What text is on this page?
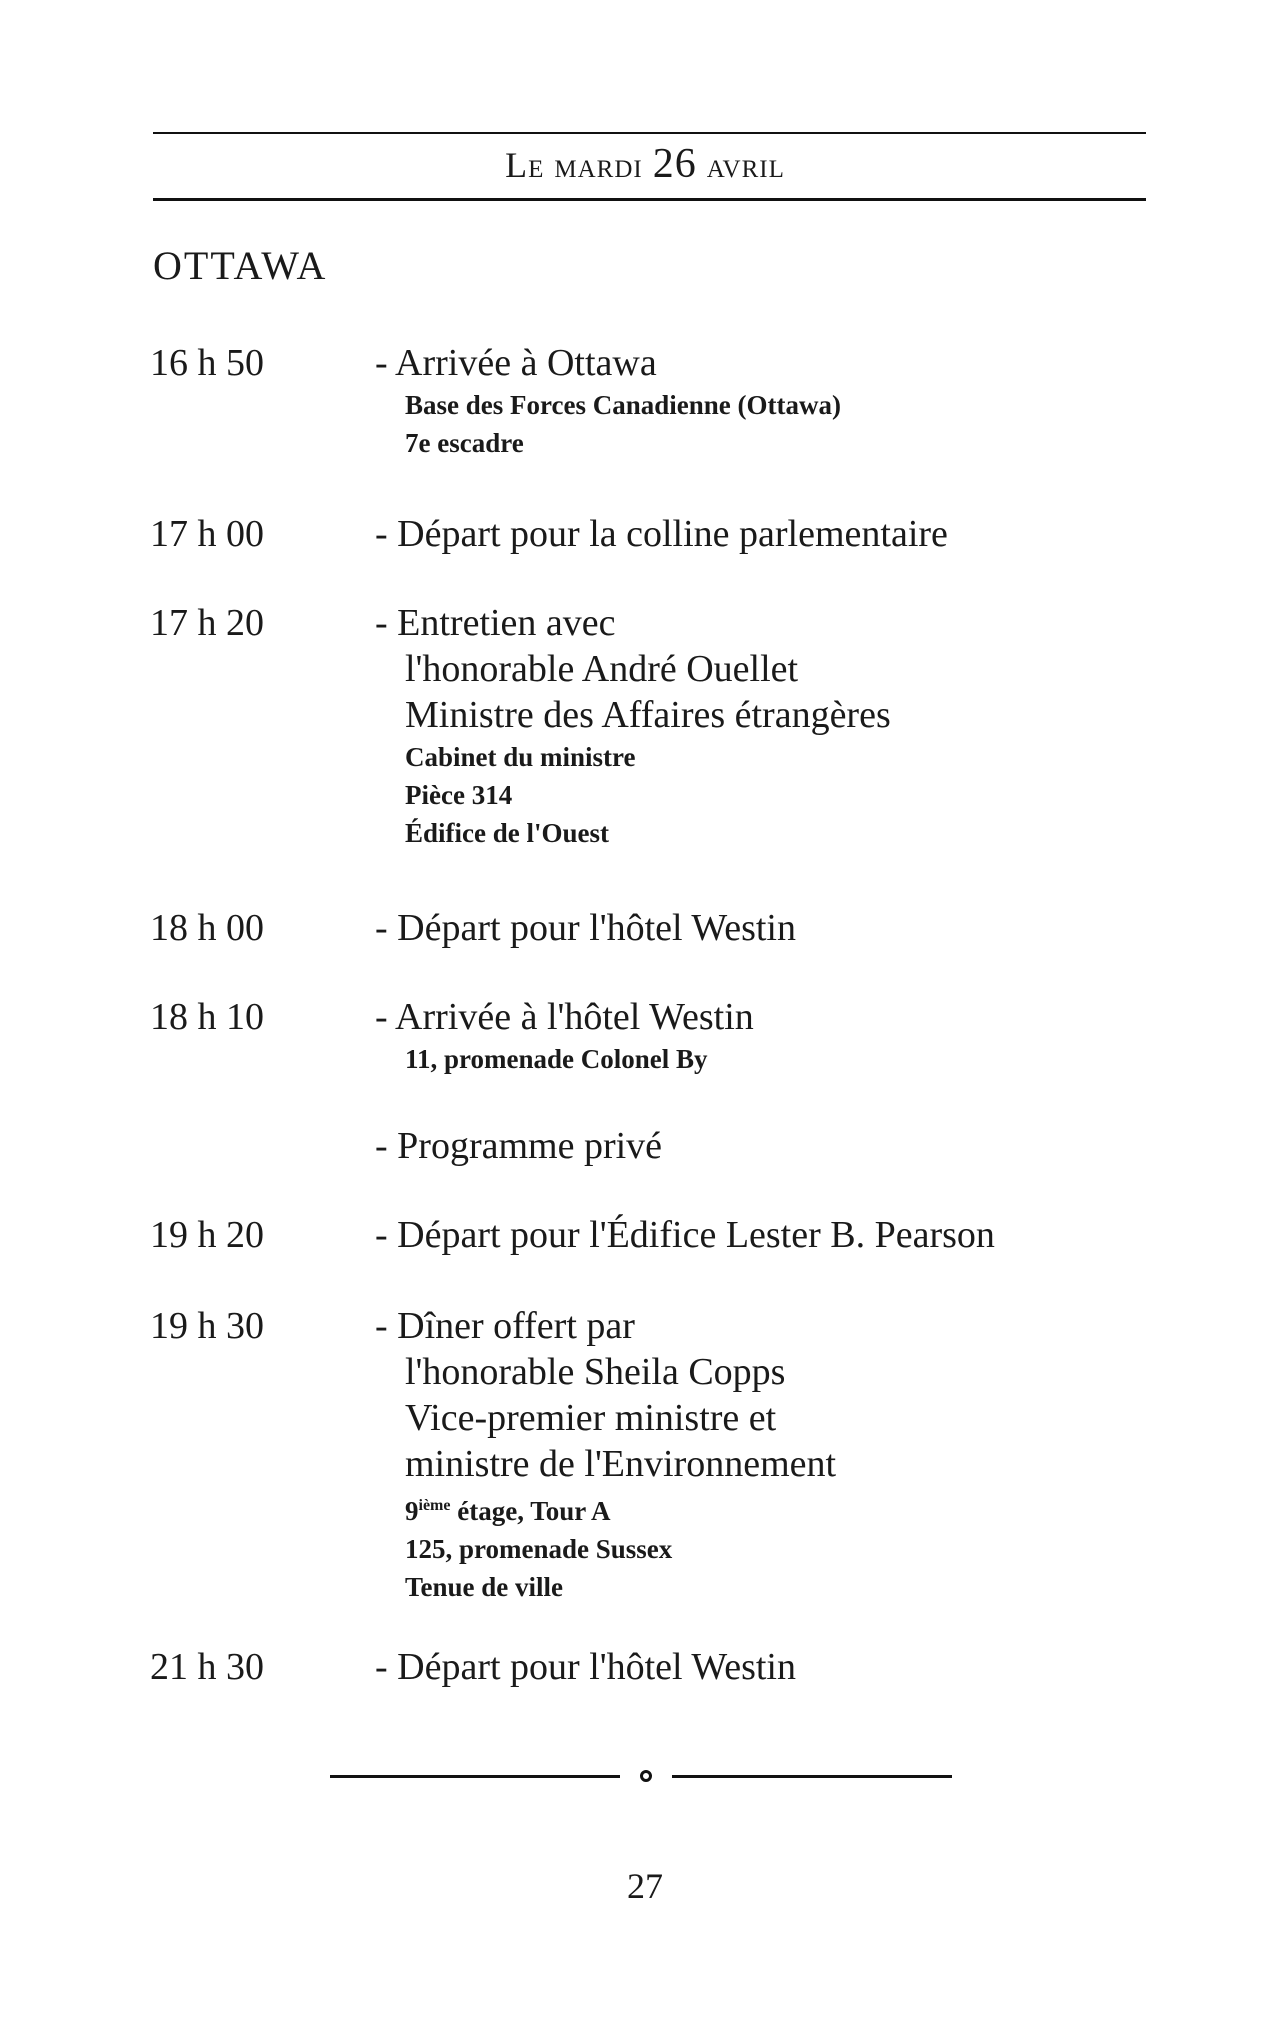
Le mardi 26 avril
OTTAWA
16 h 50	- Arrivée à Ottawa
Base des Forces Canadienne (Ottawa)
7e escadre
17 h 00	- Départ pour la colline parlementaire
17 h 20	- Entretien avec
l'honorable André Ouellet
Ministre des Affaires étrangères
Cabinet du ministre
Pièce 314
Édifice de l'Ouest
18 h 00	- Départ pour l'hôtel Westin
18 h 10	- Arrivée à l'hôtel Westin
11, promenade Colonel By
- Programme privé
19 h 20	- Départ pour l'Édifice Lester B. Pearson
19 h 30	- Dîner offert par
l'honorable Sheila Copps
Vice-premier ministre et
ministre de l'Environnement
9ième étage, Tour A
125, promenade Sussex
Tenue de ville
21 h 30	- Départ pour l'hôtel Westin
27
